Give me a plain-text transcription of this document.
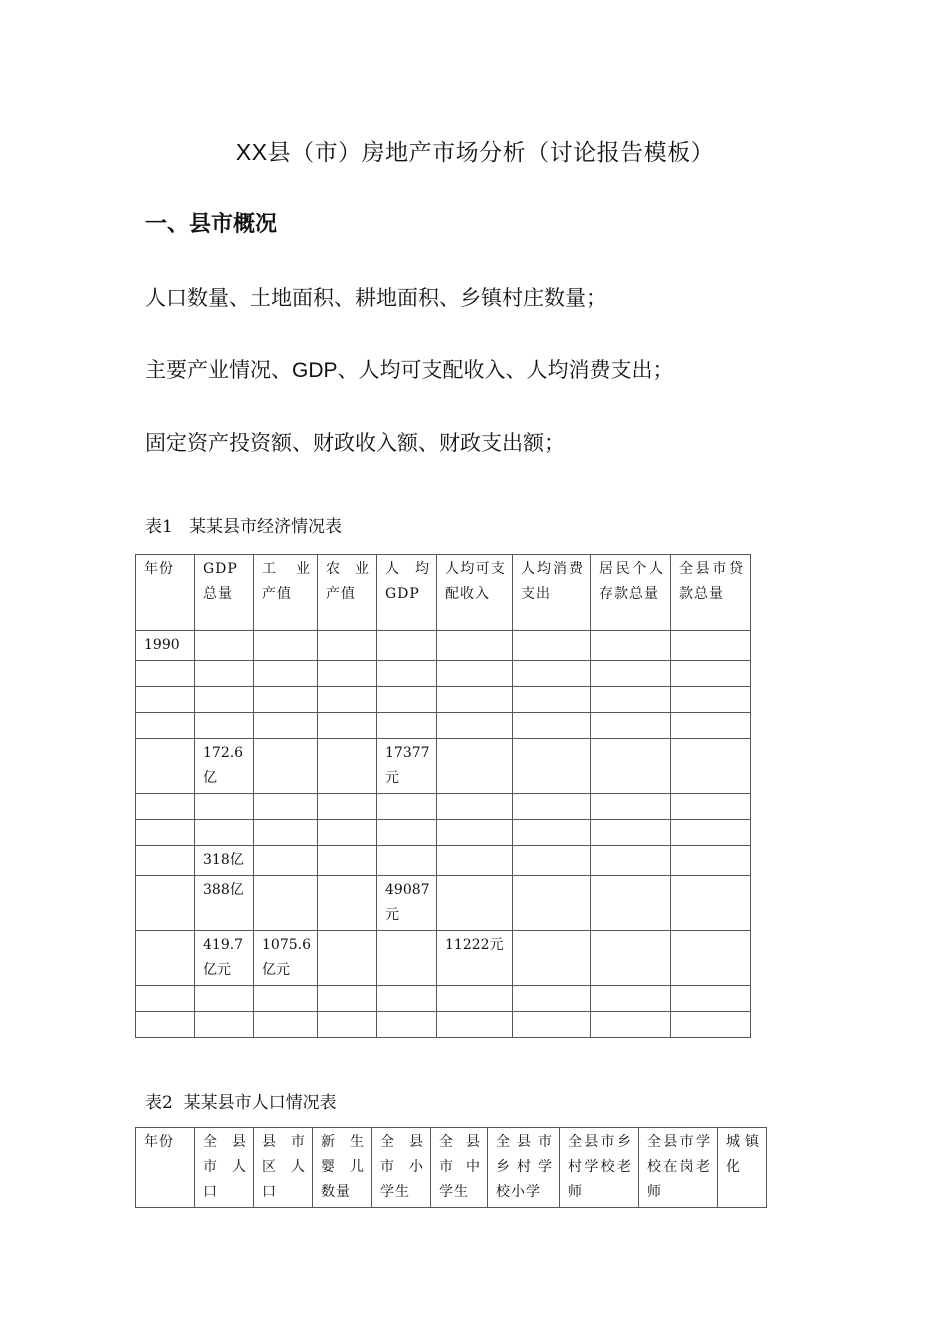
XX县（市）房地产市场分析（讨论报告模板）
一、县市概况
人口数量、土地面积、耕地面积、乡镇村庄数量；
主要产业情况、GDP、人均可支配收入、人均消费支出；
固定资产投资额、财政收入额、财政支出额；
表1   某某县市经济情况表
年份	GDP总量	工 业 产值	农 业 产值	人 均 GDP	人均可支配收入	人均消费支出	居民个人存款总量	全县市贷款总量
1990								

	172.6亿			17377元				

	318亿							
	388亿			49087元				
	419.7亿元	1075.6亿元			11222元			

表2  某某县市人口情况表
年份	全县市人口	县市区人口	新生婴儿数量	全县市小学生	全县市中学生	全县市乡村学校小学	全县市乡村学校老师	全县市学校在岗老师	城镇化
